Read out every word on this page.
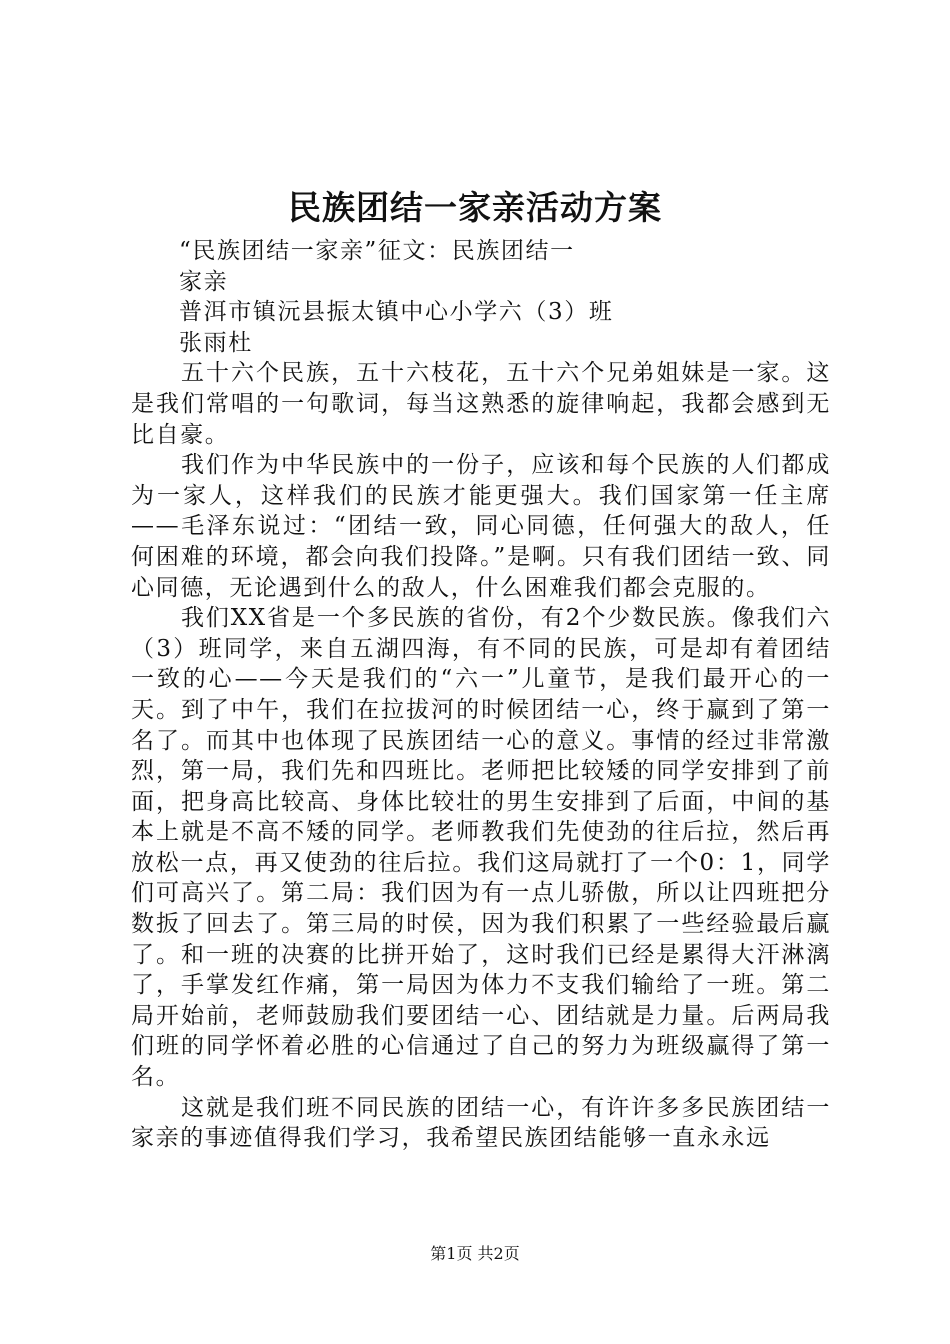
民族团结一家亲活动方案

“民族团结一家亲”征文：民族团结一

家亲

普洱市镇沅县振太镇中心小学六（3）班

张雨杜

五十六个民族，五十六枝花，五十六个兄弟姐妹是一家。这是我们常唱的一句歌词，每当这熟悉的旋律响起，我都会感到无比自豪。

我们作为中华民族中的一份子，应该和每个民族的人们都成为一家人，这样我们的民族才能更强大。我们国家第一任主席——毛泽东说过：“团结一致，同心同德，任何强大的敌人，任何困难的环境，都会向我们投降。”是啊。只有我们团结一致、同心同德，无论遇到什么的敌人，什么困难我们都会克服的。

我们XX省是一个多民族的省份，有2个少数民族。像我们六（3）班同学，来自五湖四海，有不同的民族，可是却有着团结一致的心——今天是我们的“六一”儿童节，是我们最开心的一天。到了中午，我们在拉拔河的时候团结一心，终于赢到了第一名了。而其中也体现了民族团结一心的意义。事情的经过非常激烈，第一局，我们先和四班比。老师把比较矮的同学安排到了前面，把身高比较高、身体比较壮的男生安排到了后面，中间的基本上就是不高不矮的同学。老师教我们先使劲的往后拉，然后再放松一点，再又使劲的往后拉。我们这局就打了一个0：1，同学们可高兴了。第二局：我们因为有一点儿骄傲，所以让四班把分数扳了回去了。第三局的时侯，因为我们积累了一些经验最后赢了。和一班的决赛的比拼开始了，这时我们已经是累得大汗淋漓了，手掌发红作痛，第一局因为体力不支我们输给了一班。第二局开始前，老师鼓励我们要团结一心、团结就是力量。后两局我们班的同学怀着必胜的心信通过了自己的努力为班级赢得了第一名。

这就是我们班不同民族的团结一心，有许许多多民族团结一家亲的事迹值得我们学习，我希望民族团结能够一直永永远

第1页 共2页
